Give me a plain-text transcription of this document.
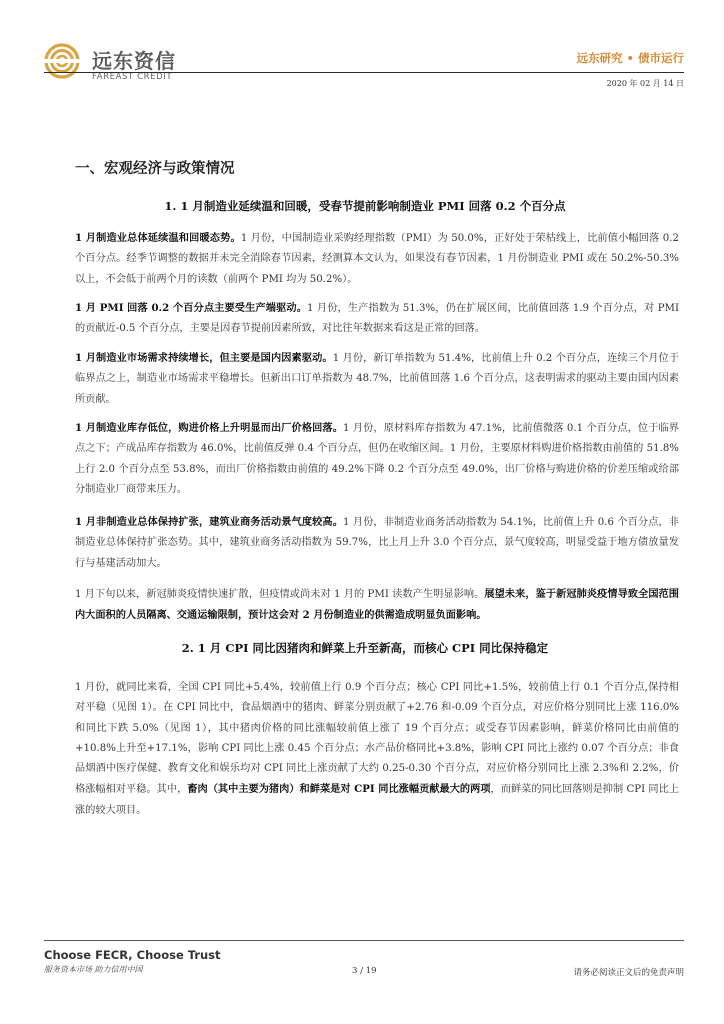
远东资信
FAREAST CREDIT
远东研究 • 债市运行
2020 年 02 月 14 日
一、宏观经济与政策情况
1. 1 月制造业延续温和回暖，受春节提前影响制造业 PMI 回落 0.2 个百分点
1 月制造业总体延续温和回暖态势。1 月份，中国制造业采购经理指数（PMI）为 50.0%，正好处于荣枯线上，比前值小幅回落 0.2 个百分点。经季节调整的数据并未完全消除春节因素，经测算本文认为，如果没有春节因素，1 月份制造业 PMI 或在 50.2%-50.3%以上，不会低于前两个月的读数（前两个 PMI 均为 50.2%）。
1 月 PMI 回落 0.2 个百分点主要受生产端驱动。1 月份，生产指数为 51.3%，仍在扩展区间，比前值回落 1.9 个百分点，对 PMI 的贡献近-0.5 个百分点，主要是因春节提前因素所致，对比往年数据来看这是正常的回落。
1 月制造业市场需求持续增长，但主要是国内因素驱动。1 月份，新订单指数为 51.4%，比前值上升 0.2 个百分点，连续三个月位于临界点之上，制造业市场需求平稳增长。但新出口订单指数为 48.7%，比前值回落 1.6 个百分点，这表明需求的驱动主要由国内因素所贡献。
1 月制造业库存低位，购进价格上升明显而出厂价格回落。1 月份，原材料库存指数为 47.1%，比前值微落 0.1 个百分点，位于临界点之下；产成品库存指数为 46.0%，比前值反弹 0.4 个百分点，但仍在收缩区间。1 月份，主要原材料购进价格指数由前值的 51.8%上行 2.0 个百分点至 53.8%，而出厂价格指数由前值的 49.2%下降 0.2 个百分点至 49.0%，出厂价格与购进价格的价差压缩或给部分制造业厂商带来压力。
1 月非制造业总体保持扩张，建筑业商务活动景气度较高。1 月份，非制造业商务活动指数为 54.1%，比前值上升 0.6 个百分点，非制造业总体保持扩张态势。其中，建筑业商务活动指数为 59.7%，比上月上升 3.0 个百分点，景气度较高，明显受益于地方债放量发行与基建活动加大。
1 月下旬以来，新冠肺炎疫情快速扩散，但疫情或尚未对 1 月的 PMI 读数产生明显影响。展望未来，鉴于新冠肺炎疫情导致全国范围内大面积的人员隔离、交通运输限制，预计这会对 2 月份制造业的供需造成明显负面影响。
2. 1 月 CPI 同比因猪肉和鲜菜上升至新高，而核心 CPI 同比保持稳定
1 月份，就同比来看，全国 CPI 同比+5.4%，较前值上行 0.9 个百分点；核心 CPI 同比+1.5%，较前值上行 0.1 个百分点,保持相对平稳（见图 1）。在 CPI 同比中，食品烟酒中的猪肉、鲜菜分别贡献了+2.76 和-0.09 个百分点，对应价格分别同比上涨 116.0%和同比下跌 5.0%（见图 1），其中猪肉价格的同比涨幅较前值上涨了 19 个百分点；或受春节因素影响，鲜菜价格同比由前值的+10.8%上升至+17.1%，影响 CPI 同比上涨 0.45 个百分点；水产品价格同比+3.8%，影响 CPI 同比上涨约 0.07 个百分点；非食品烟酒中医疗保健、教育文化和娱乐均对 CPI 同比上涨贡献了大约 0.25-0.30 个百分点，对应价格分别同比上涨 2.3%和 2.2%，价格涨幅相对平稳。其中，畜肉（其中主要为猪肉）和鲜菜是对 CPI 同比涨幅贡献最大的两项，而鲜菜的同比回落则是抑制 CPI 同比上涨的较大项目。
Choose FECR, Choose Trust
服务资本市场 助力信用中国	3 / 19	请务必阅读正文后的免责声明
